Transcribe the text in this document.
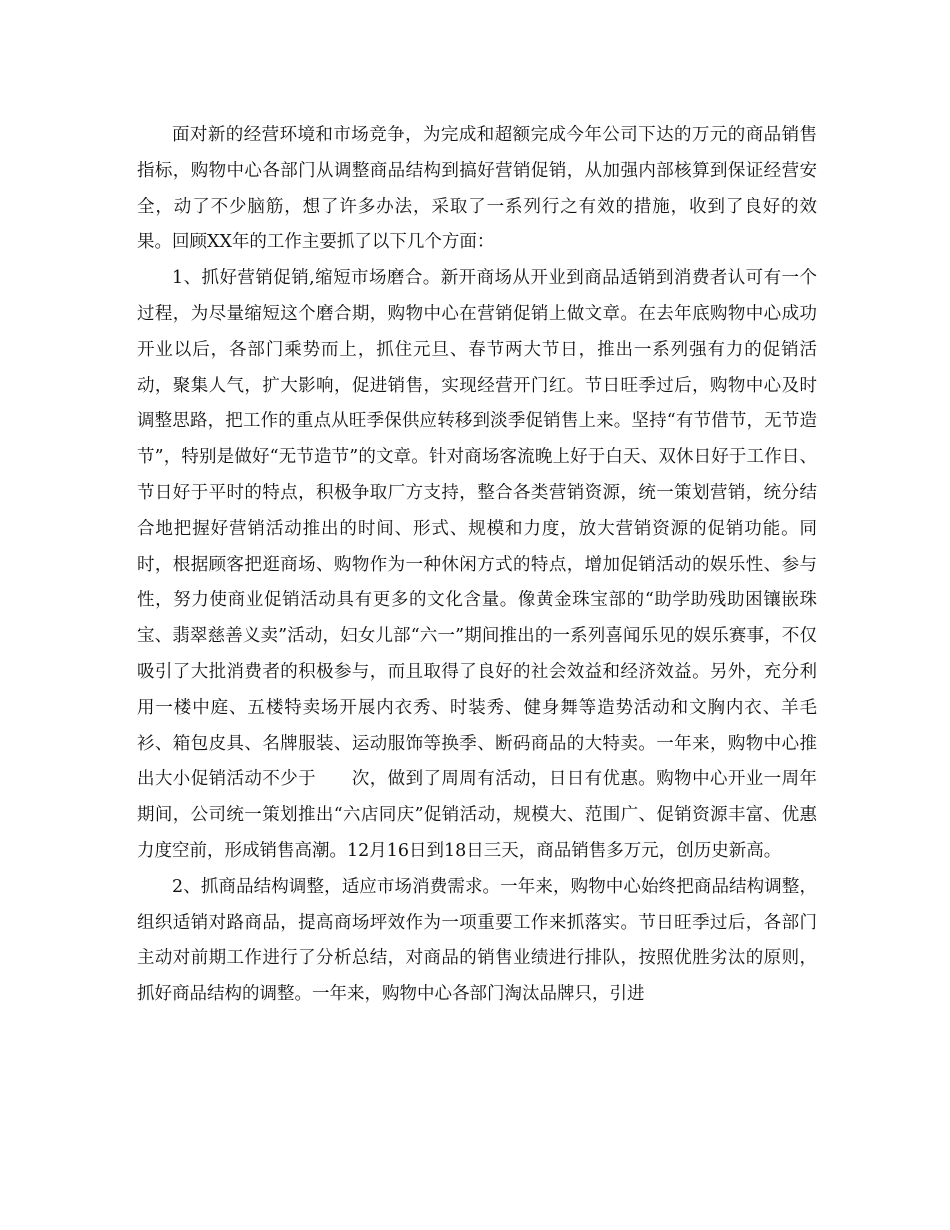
面对新的经营环境和市场竞争，为完成和超额完成今年公司下达的万元的商品销售指标，购物中心各部门从调整商品结构到搞好营销促销，从加强内部核算到保证经营安全，动了不少脑筋，想了许多办法，采取了一系列行之有效的措施，收到了良好的效果。回顾XX年的工作主要抓了以下几个方面：

1、抓好营销促销,缩短市场磨合。新开商场从开业到商品适销到消费者认可有一个过程，为尽量缩短这个磨合期，购物中心在营销促销上做文章。在去年底购物中心成功开业以后，各部门乘势而上，抓住元旦、春节两大节日，推出一系列强有力的促销活动，聚集人气，扩大影响，促进销售，实现经营开门红。节日旺季过后，购物中心及时调整思路，把工作的重点从旺季保供应转移到淡季促销售上来。坚持“有节借节，无节造节”，特别是做好“无节造节”的文章。针对商场客流晚上好于白天、双休日好于工作日、节日好于平时的特点，积极争取厂方支持，整合各类营销资源，统一策划营销，统分结合地把握好营销活动推出的时间、形式、规模和力度，放大营销资源的促销功能。同时，根据顾客把逛商场、购物作为一种休闲方式的特点，增加促销活动的娱乐性、参与性，努力使商业促销活动具有更多的文化含量。像黄金珠宝部的“助学助残助困镶嵌珠宝、翡翠慈善义卖”活动，妇女儿部“六一”期间推出的一系列喜闻乐见的娱乐赛事，不仅吸引了大批消费者的积极参与，而且取得了良好的社会效益和经济效益。另外，充分利用一楼中庭、五楼特卖场开展内衣秀、时装秀、健身舞等造势活动和文胸内衣、羊毛衫、箱包皮具、名牌服装、运动服饰等换季、断码商品的大特卖。一年来，购物中心推出大小促销活动不少于　　次，做到了周周有活动，日日有优惠。购物中心开业一周年期间，公司统一策划推出“六店同庆”促销活动，规模大、范围广、促销资源丰富、优惠力度空前，形成销售高潮。12月16日到18日三天，商品销售多万元，创历史新高。

2、抓商品结构调整，适应市场消费需求。一年来，购物中心始终把商品结构调整，组织适销对路商品，提高商场坪效作为一项重要工作来抓落实。节日旺季过后，各部门主动对前期工作进行了分析总结，对商品的销售业绩进行排队，按照优胜劣汰的原则，抓好商品结构的调整。一年来，购物中心各部门淘汰品牌只，引进
